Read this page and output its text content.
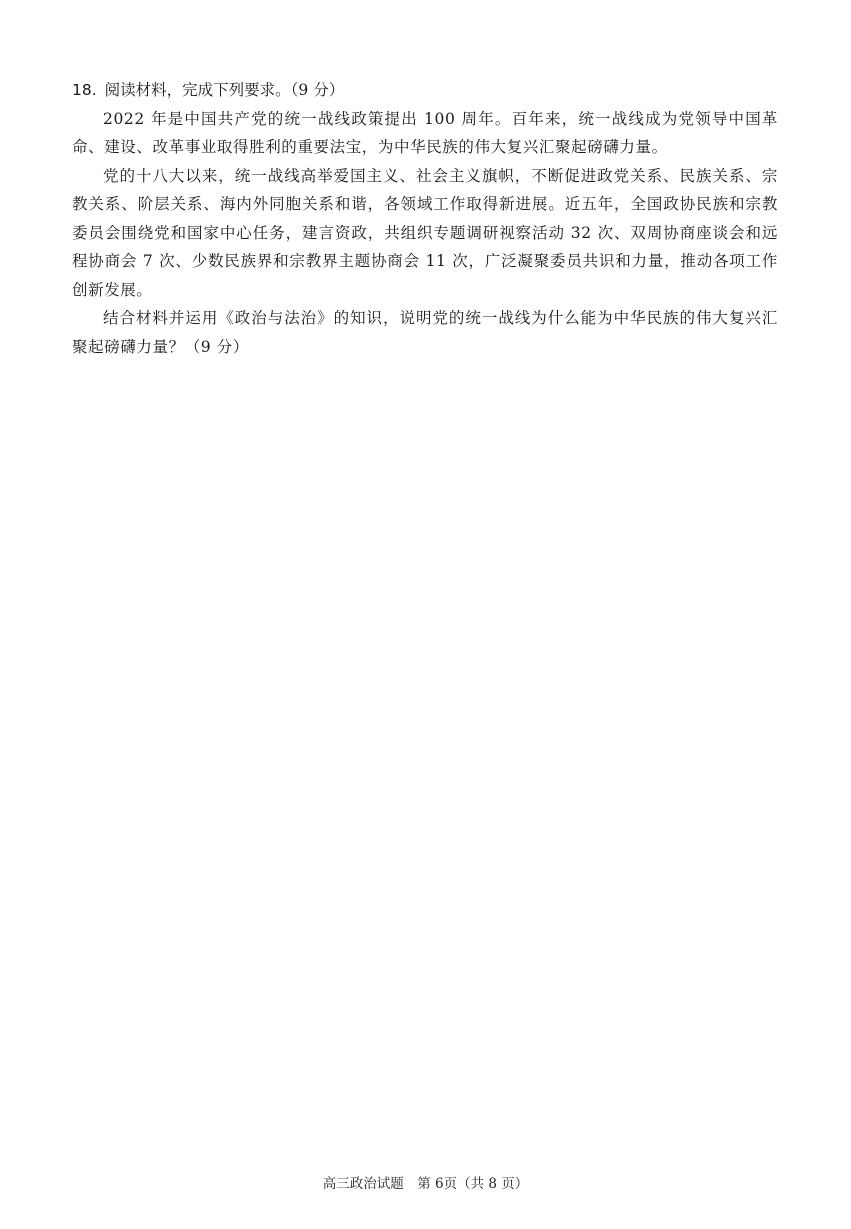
18. 阅读材料，完成下列要求。（9 分）

2022 年是中国共产党的统一战线政策提出 100 周年。百年来，统一战线成为党领导中国革命、建设、改革事业取得胜利的重要法宝，为中华民族的伟大复兴汇聚起磅礴力量。

党的十八大以来，统一战线高举爱国主义、社会主义旗帜，不断促进政党关系、民族关系、宗教关系、阶层关系、海内外同胞关系和谐，各领域工作取得新进展。近五年，全国政协民族和宗教委员会围绕党和国家中心任务，建言资政，共组织专题调研视察活动 32 次、双周协商座谈会和远程协商会 7 次、少数民族界和宗教界主题协商会 11 次，广泛凝聚委员共识和力量，推动各项工作创新发展。

结合材料并运用《政治与法治》的知识，说明党的统一战线为什么能为中华民族的伟大复兴汇聚起磅礴力量？（9 分）

高三政治试题　第 6页（共 8 页）
